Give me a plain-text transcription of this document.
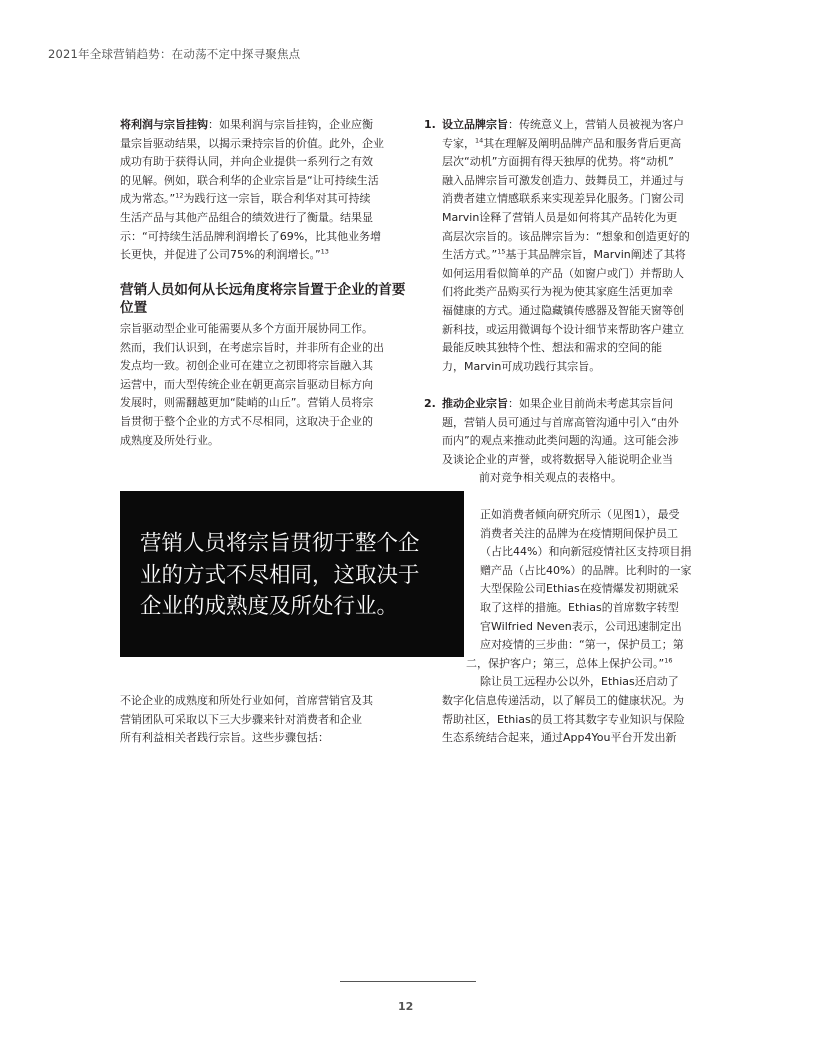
2021年全球营销趋势：在动荡不定中探寻聚焦点
将利润与宗旨挂钩：如果利润与宗旨挂钩，企业应衡
量宗旨驱动结果，以揭示秉持宗旨的价值。此外，企业
成功有助于获得认同，并向企业提供一系列行之有效
的见解。例如，联合利华的企业宗旨是“让可持续生活
成为常态。”$^{12}$为践行这一宗旨，联合利华对其可持续
生活产品与其他产品组合的绩效进行了衡量。结果显
示：“可持续生活品牌利润增长了69%，比其他业务增
长更快，并促进了公司75%的利润增长。”$^{13}$
营销人员如何从长远角度将宗旨置于企业的首要位置
宗旨驱动型企业可能需要从多个方面开展协同工作。
然而，我们认识到，在考虑宗旨时，并非所有企业的出
发点均一致。初创企业可在建立之初即将宗旨融入其
运营中，而大型传统企业在朝更高宗旨驱动目标方向
发展时，则需翻越更加“陡峭的山丘”。营销人员将宗
旨贯彻于整个企业的方式不尽相同，这取决于企业的
成熟度及所处行业。
营销人员将宗旨贯彻于整个企
业的方式不尽相同，这取决于
企业的成熟度及所处行业。
不论企业的成熟度和所处行业如何，首席营销官及其
营销团队可采取以下三大步骤来针对消费者和企业
所有利益相关者践行宗旨。这些步骤包括：
1. 设立品牌宗旨：传统意义上，营销人员被视为客户
专家，$^{14}$其在理解及阐明品牌产品和服务背后更高
层次“动机”方面拥有得天独厚的优势。将“动机”
融入品牌宗旨可激发创造力、鼓舞员工，并通过与
消费者建立情感联系来实现差异化服务。门窗公司
Marvin诠释了营销人员是如何将其产品转化为更
高层次宗旨的。该品牌宗旨为：“想象和创造更好的
生活方式。”$^{15}$基于其品牌宗旨，Marvin阐述了其将
如何运用看似简单的产品（如窗户或门）并帮助人
们将此类产品购买行为视为使其家庭生活更加幸
福健康的方式。通过隐藏镇传感器及智能天窗等创
新科技，或运用微调每个设计细节来帮助客户建立
最能反映其独特个性、想法和需求的空间的能
力，Marvin可成功践行其宗旨。
2. 推动企业宗旨：如果企业目前尚未考虑其宗旨问
题，营销人员可通过与首席高管沟通中引入“由外
而内”的观点来推动此类问题的沟通。这可能会涉
及谈论企业的声誉，或将数据导入能说明企业当
前对竞争相关观点的表格中。
正如消费者倾向研究所示（见图1），最受
消费者关注的品牌为在疫情期间保护员工
（占比44%）和向新冠疫情社区支持项目捐
赠产品（占比40%）的品牌。比利时的一家
大型保险公司Ethias在疫情爆发初期就采
取了这样的措施。Ethias的首席数字转型
官Wilfried Neven表示，公司迅速制定出
应对疫情的三步曲：“第一，保护员工；第
二，保护客户；第三，总体上保护公司。”$^{16}$
除让员工远程办公以外，Ethias还启动了
数字化信息传递活动，以了解员工的健康状况。为
帮助社区，Ethias的员工将其数字专业知识与保险
生态系统结合起来，通过App4You平台开发出新
12
